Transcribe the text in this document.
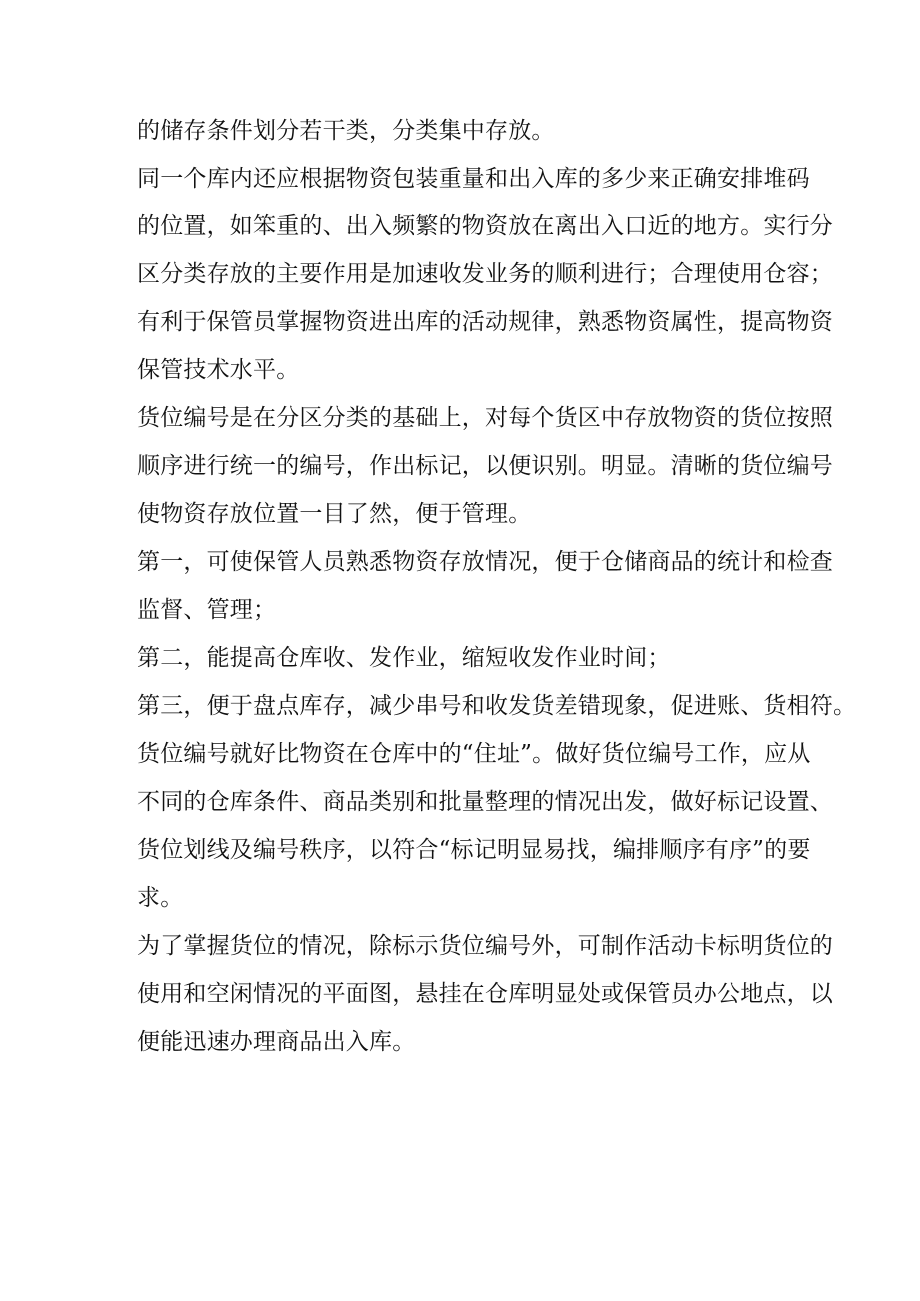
的储存条件划分若干类，分类集中存放。
同一个库内还应根据物资包装重量和出入库的多少来正确安排堆码
的位置，如笨重的、出入频繁的物资放在离出入口近的地方。实行分
区分类存放的主要作用是加速收发业务的顺利进行；合理使用仓容；
有利于保管员掌握物资进出库的活动规律，熟悉物资属性，提高物资
保管技术水平。
货位编号是在分区分类的基础上，对每个货区中存放物资的货位按照
顺序进行统一的编号，作出标记，以便识别。明显。清晰的货位编号
使物资存放位置一目了然，便于管理。
第一，可使保管人员熟悉物资存放情况，便于仓储商品的统计和检查
监督、管理；
第二，能提高仓库收、发作业，缩短收发作业时间；
第三，便于盘点库存，减少串号和收发货差错现象，促进账、货相符。
货位编号就好比物资在仓库中的“住址”。做好货位编号工作，应从
不同的仓库条件、商品类别和批量整理的情况出发，做好标记设置、
货位划线及编号秩序，以符合“标记明显易找，编排顺序有序”的要
求。
为了掌握货位的情况，除标示货位编号外，可制作活动卡标明货位的
使用和空闲情况的平面图，悬挂在仓库明显处或保管员办公地点，以
便能迅速办理商品出入库。
